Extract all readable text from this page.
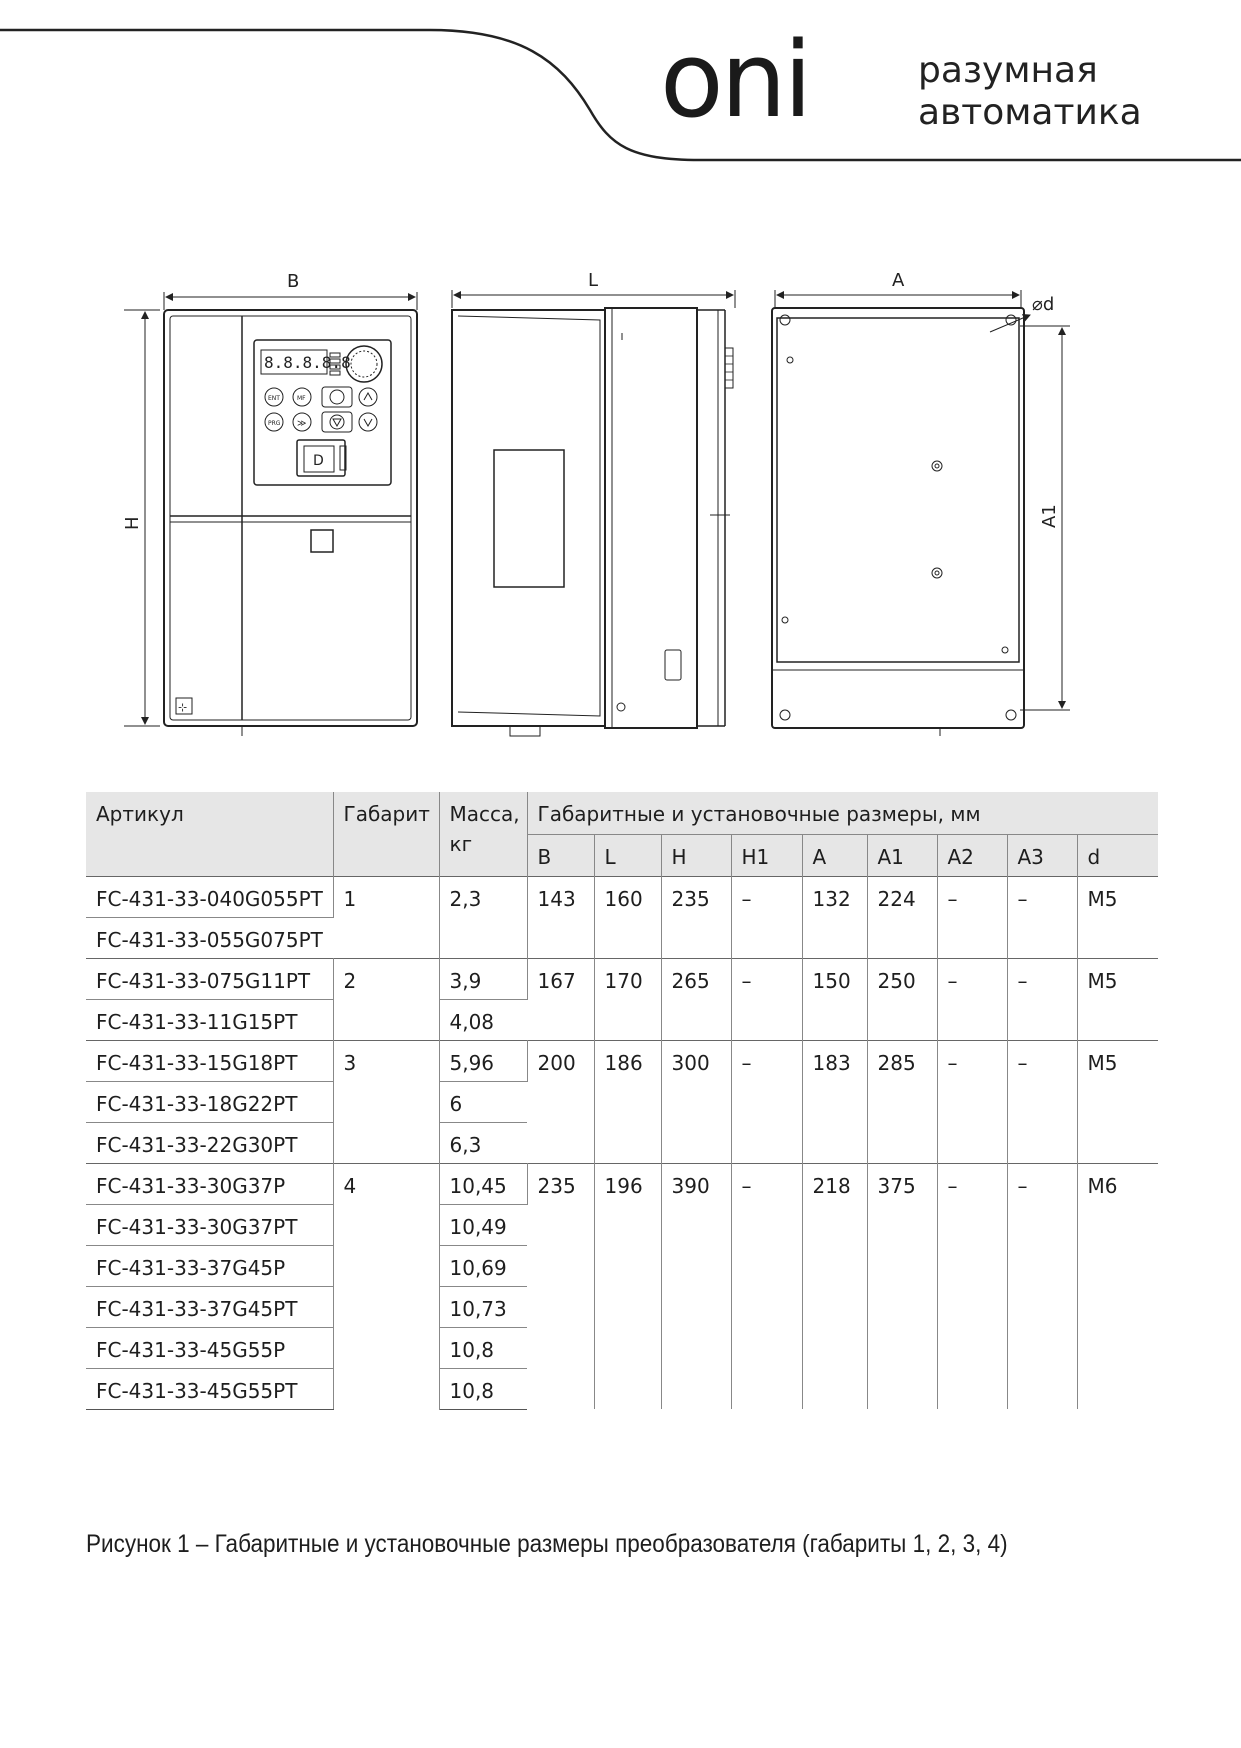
oni	разумная
автоматика
B
H
8.8.8.8.8
ENT	MF
PRG ≫
D
⊹
L	A
⌀d
A1
Артикул	Габарит	Масса,
кг	Габаритные и установочные размеры, мм								
			B	L	H	H1	A	A1	A2	A3	d
FC-431-33-040G055PT	1	2,3	143	160	235	–	132	224	–	–	M5
FC-431-33-055G075PT											
FC-431-33-075G11PT	2	3,9	167	170	265	–	150	250	–	–	M5
FC-431-33-11G15PT		4,08									
FC-431-33-15G18PT	3	5,96	200	186	300	–	183	285	–	–	M5
FC-431-33-18G22PT		6									
FC-431-33-22G30PT		6,3									
FC-431-33-30G37P	4	10,45	235	196	390	–	218	375	–	–	M6
FC-431-33-30G37PT		10,49									
FC-431-33-37G45P		10,69									
FC-431-33-37G45PT		10,73									
FC-431-33-45G55P		10,8									
FC-431-33-45G55PT		10,8									
Рисунок 1 – Габаритные и установочные размеры преобразователя (габариты 1, 2, 3, 4)
